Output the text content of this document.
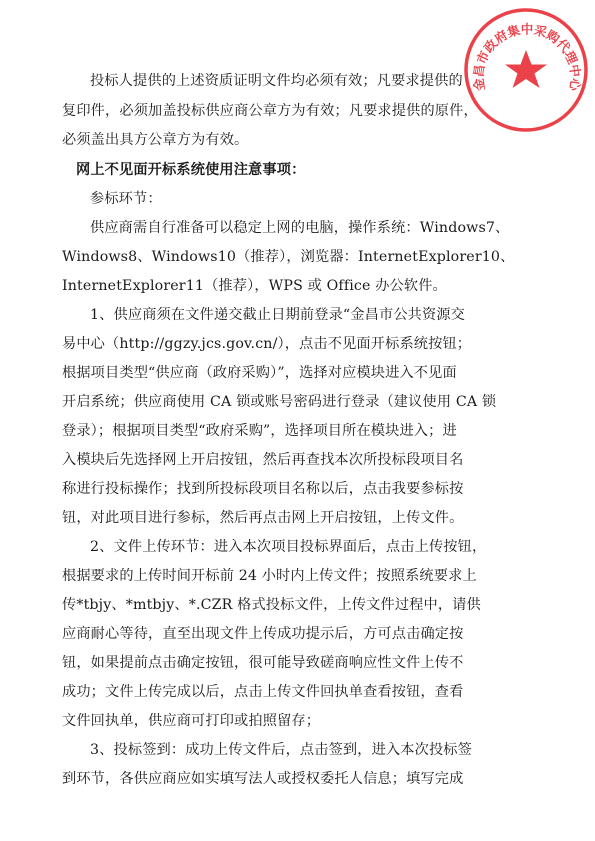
投标人提供的上述资质证明文件均必须有效；凡要求提供的
复印件，必须加盖投标供应商公章方为有效；凡要求提供的原件，
必须盖出具方公章方为有效。
网上不见面开标系统使用注意事项：
参标环节：
供应商需自行准备可以稳定上网的电脑，操作系统：Windows7、
Windows8、Windows10（推荐），浏览器：InternetExplorer10、
InternetExplorer11（推荐），WPS 或 Office 办公软件。
1、供应商须在文件递交截止日期前登录“金昌市公共资源交
易中心（http://ggzy.jcs.gov.cn/），点击不见面开标系统按钮；
根据项目类型“供应商（政府采购）”，选择对应模块进入不见面
开启系统；供应商使用 CA 锁或账号密码进行登录（建议使用 CA 锁
登录）；根据项目类型“政府采购”，选择项目所在模块进入；进
入模块后先选择网上开启按钮，然后再查找本次所投标段项目名
称进行投标操作；找到所投标段项目名称以后，点击我要参标按
钮，对此项目进行参标，然后再点击网上开启按钮，上传文件。
2、文件上传环节：进入本次项目投标界面后，点击上传按钮，
根据要求的上传时间开标前 24 小时内上传文件；按照系统要求上
传*tbjy、*mtbjy、*.CZR 格式投标文件，上传文件过程中，请供
应商耐心等待，直至出现文件上传成功提示后，方可点击确定按
钮，如果提前点击确定按钮，很可能导致磋商响应性文件上传不
成功；文件上传完成以后，点击上传文件回执单查看按钮，查看
文件回执单，供应商可打印或拍照留存；
3、投标签到：成功上传文件后，点击签到，进入本次投标签
到环节，各供应商应如实填写法人或授权委托人信息；填写完成
金昌市政府集中采购代理中心
